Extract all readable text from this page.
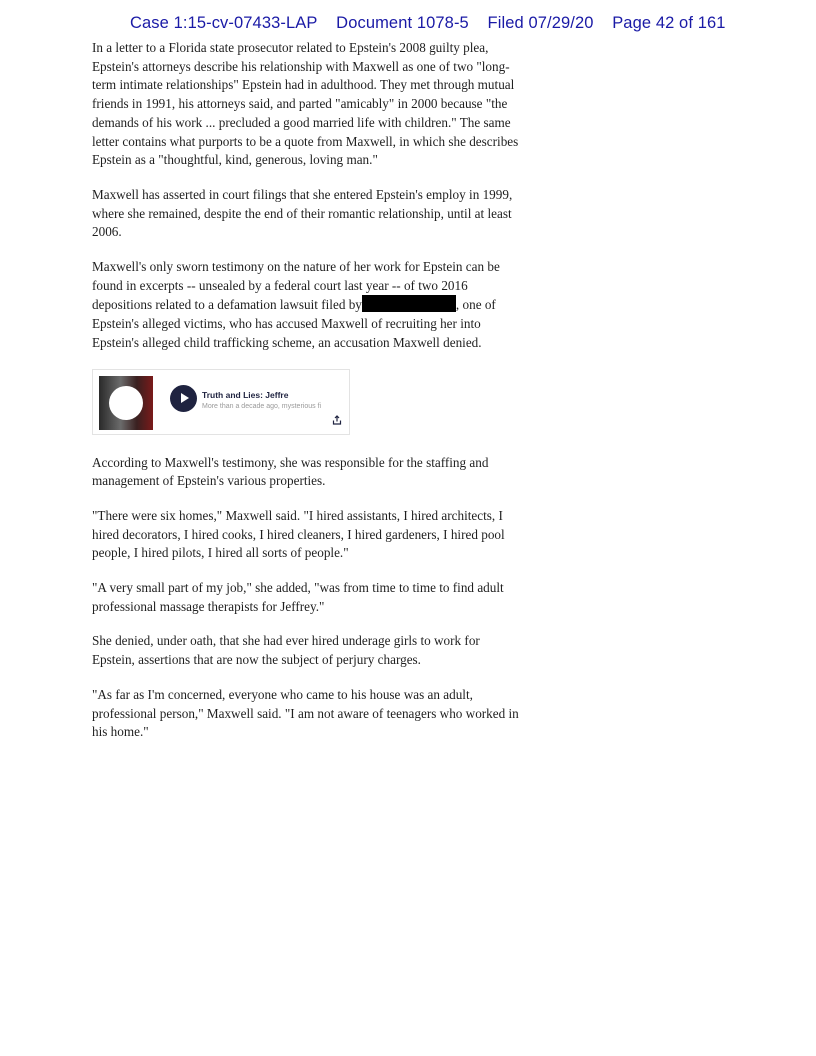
Case 1:15-cv-07433-LAP Document 1078-5 Filed 07/29/20 Page 42 of 161

In a letter to a Florida state prosecutor related to Epstein's 2008 guilty plea, Epstein's attorneys describe his relationship with Maxwell as one of two "long-term intimate relationships" Epstein had in adulthood. They met through mutual friends in 1991, his attorneys said, and parted "amicably" in 2000 because "the demands of his work ... precluded a good married life with children." The same letter contains what purports to be a quote from Maxwell, in which she describes Epstein as a "thoughtful, kind, generous, loving man."

Maxwell has asserted in court filings that she entered Epstein's employ in 1999, where she remained, despite the end of their romantic relationship, until at least 2006.

Maxwell's only sworn testimony on the nature of her work for Epstein can be found in excerpts -- unsealed by a federal court last year -- of two 2016 depositions related to a defamation lawsuit filed by	, one of Epstein's alleged victims, who has accused Maxwell of recruiting her into Epstein's alleged child trafficking scheme, an accusation Maxwell denied.

Truth and Lies: Jeffre
More than a decade ago, mysterious fi

According to Maxwell's testimony, she was responsible for the staffing and management of Epstein's various properties.

"There were six homes," Maxwell said. "I hired assistants, I hired architects, I hired decorators, I hired cooks, I hired cleaners, I hired gardeners, I hired pool people, I hired pilots, I hired all sorts of people."

"A very small part of my job," she added, "was from time to time to find adult professional massage therapists for Jeffrey."

She denied, under oath, that she had ever hired underage girls to work for Epstein, assertions that are now the subject of perjury charges.

"As far as I'm concerned, everyone who came to his house was an adult, professional person," Maxwell said. "I am not aware of teenagers who worked in his home."
